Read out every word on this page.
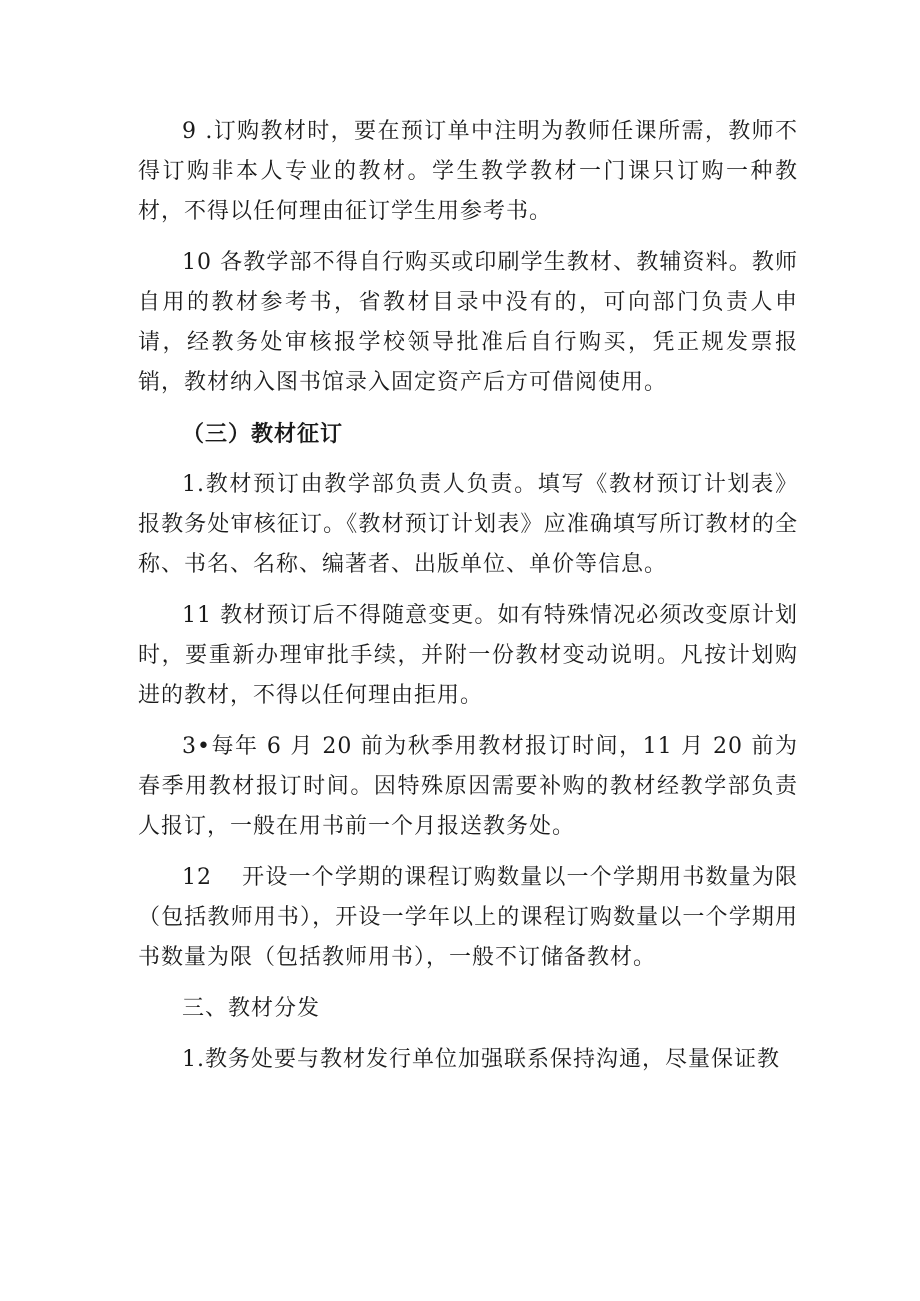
9 .订购教材时，要在预订单中注明为教师任课所需，教师不得订购非本人专业的教材。学生教学教材一门课只订购一种教材，不得以任何理由征订学生用参考书。

10 各教学部不得自行购买或印刷学生教材、教辅资料。教师自用的教材参考书，省教材目录中没有的，可向部门负责人申请，经教务处审核报学校领导批准后自行购买，凭正规发票报销，教材纳入图书馆录入固定资产后方可借阅使用。

（三）教材征订

1.教材预订由教学部负责人负责。填写《教材预订计划表》报教务处审核征订。《教材预订计划表》应准确填写所订教材的全称、书名、名称、编著者、出版单位、单价等信息。

11 教材预订后不得随意变更。如有特殊情况必须改变原计划时，要重新办理审批手续，并附一份教材变动说明。凡按计划购进的教材，不得以任何理由拒用。

3•每年 6 月 20 前为秋季用教材报订时间，11 月 20 前为春季用教材报订时间。因特殊原因需要补购的教材经教学部负责人报订，一般在用书前一个月报送教务处。

12 开设一个学期的课程订购数量以一个学期用书数量为限（包括教师用书），开设一学年以上的课程订购数量以一个学期用书数量为限（包括教师用书），一般不订储备教材。

三、教材分发

1.教务处要与教材发行单位加强联系保持沟通，尽量保证教
